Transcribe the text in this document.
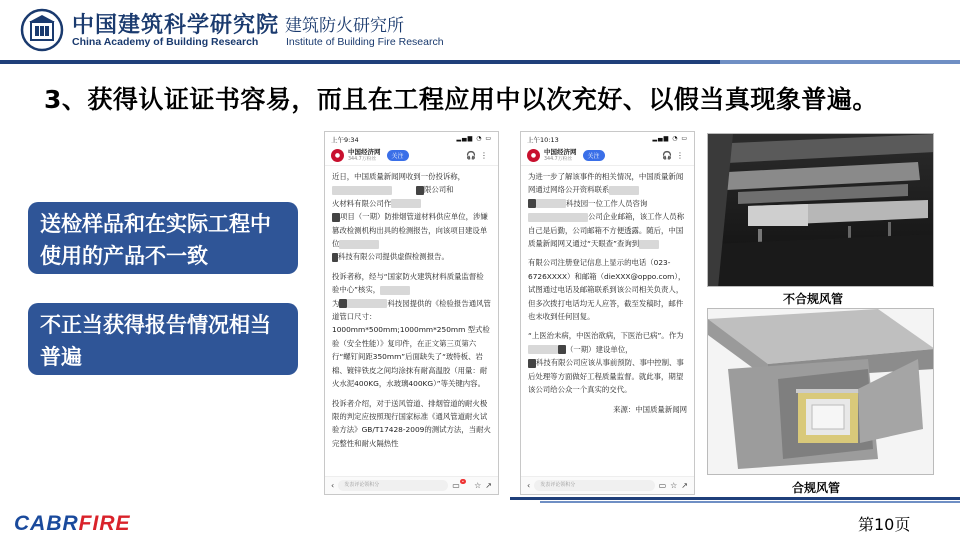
中国建筑科学研究院 建筑防火研究所
China Academy of Building Research	Institute of Building Fire Research
3、获得认证证书容易，而且在工程应用中以次充好、以假当真现象普遍。
送检样品和在实际工程中使用的产品不一致
不正当获得报告情况相当普遍
上午9:34	▂▄▆ ◔ ▭
●	中国经济网
344.7万粉丝	关注	🎧⋮

近日，中国质量新闻网收到一份投诉称，
限公司和

火材料有限公司作

项目（一期）防排烟管道材料供应单位，涉嫌篡改检测机构出具的检测报告，向该项目建设单位
科技有限公司提供虚假检测报告。

投诉者称，经与“国家防火建筑材料质量监督检验中心”核实，
为	科技园提供的《检验报告通风管道管口尺寸：1000mm*500mm;1000mm*250mm 型式检验（安全性能）》复印件，在正文第三页第六行“螺钉间距350mm”后面缺失了“玻特板、岩棉、镀锌铁皮之间均涂抹有耐高温胶（用量：耐火水泥400KG，水玻璃400KG）”等关键内容。

投诉者介绍，对于送风管道、排烟管道的耐火极限的判定应按照现行国家标准《通风管道耐火试验方法》GB/T17428-2009的测试方法，当耐火完整性和耐火隔热性

‹	发表评论领积分	▭ • ☆ ↗
上午10:13	▂▄▆ ◔ ▭
●	中国经济网
344.7万粉丝	关注	🎧⋮

为进一步了解该事件的相关情况，中国质量新闻网通过网络公开资料联系
科技园一位工作人员咨询
公司企业邮箱，该工作人员称自己是后勤，公司邮箱不方便透露。随后，中国质量新闻网又通过“天眼查”查询到

有限公司注册登记信息上显示的电话（023-6726XXXX）和邮箱（dieXXX@oppo.com），试图通过电话及邮箱联系到该公司相关负责人，但多次拨打电话均无人应答，截至发稿时，邮件也未收到任何回复。

“上医治未病，中医治欲病，下医治已病”。作为（一期）建设单位，
科技有限公司应该从事前预防、事中控制、事后处理等方面做好工程质量监督。就此事，期望该公司给公众一个真实的交代。

来源：中国质量新闻网

‹	发表评论领积分	▭ ☆ ↗
不合规风管
合规风管
CABRFIRE	第10页
